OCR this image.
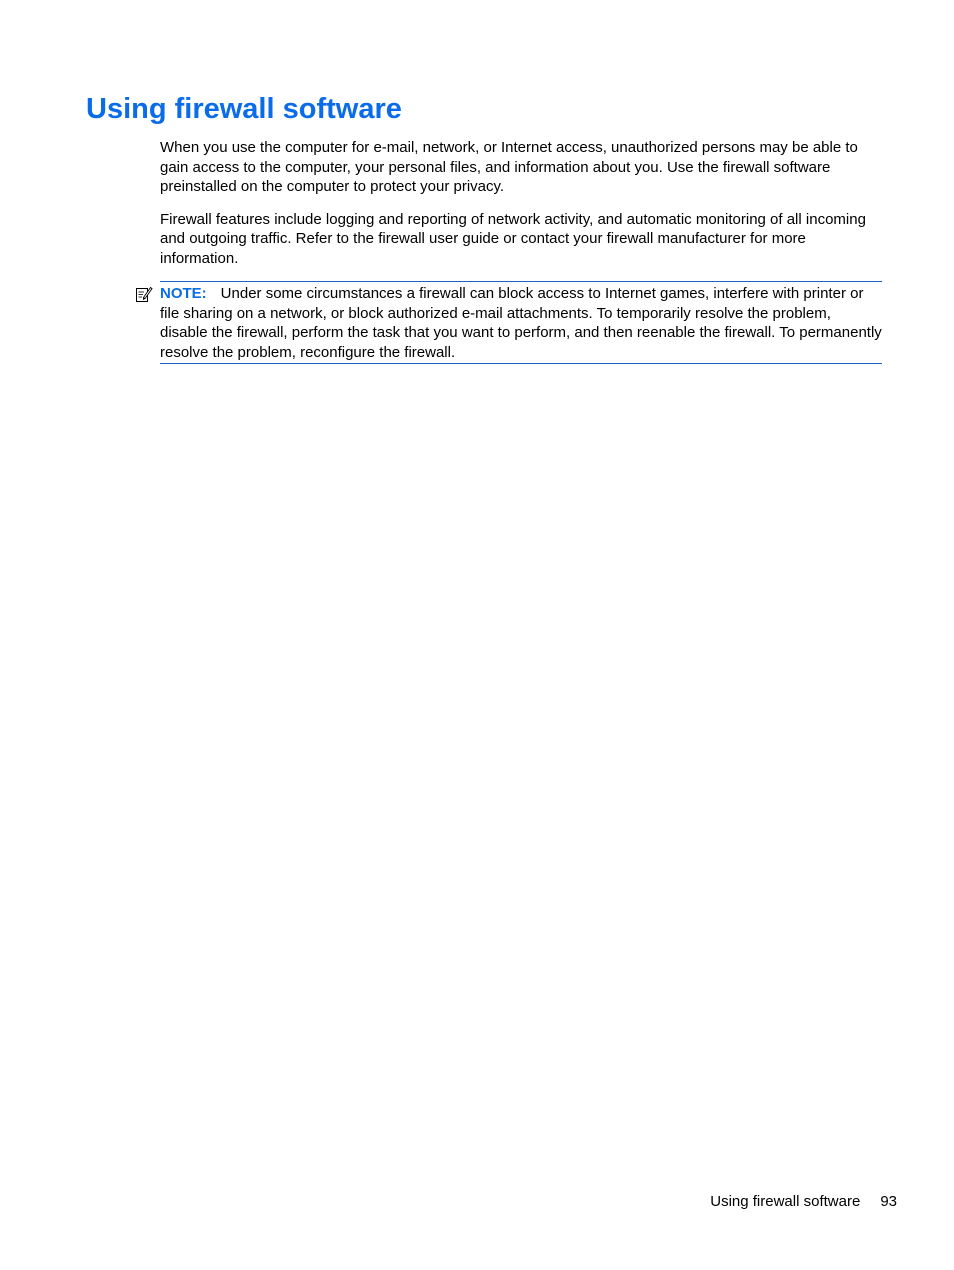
Using firewall software

When you use the computer for e-mail, network, or Internet access, unauthorized persons may be able to gain access to the computer, your personal files, and information about you. Use the firewall software preinstalled on the computer to protect your privacy.

Firewall features include logging and reporting of network activity, and automatic monitoring of all incoming and outgoing traffic. Refer to the firewall user guide or contact your firewall manufacturer for more information.

NOTE: Under some circumstances a firewall can block access to Internet games, interfere with printer or file sharing on a network, or block authorized e-mail attachments. To temporarily resolve the problem, disable the firewall, perform the task that you want to perform, and then reenable the firewall. To permanently resolve the problem, reconfigure the firewall.
Using firewall software 93
